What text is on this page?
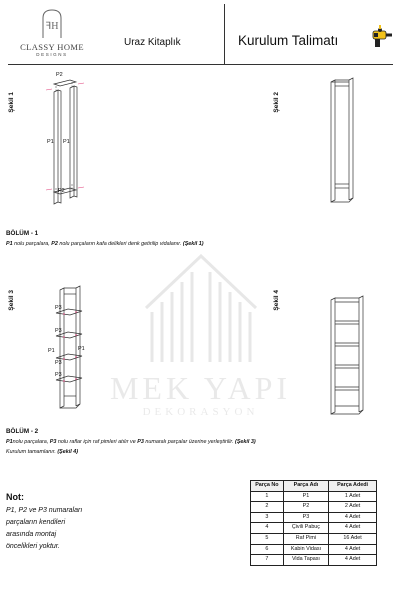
ꟻH
CLASSY HOME
DESIGNS
Uraz Kitaplık	Kurulum Talimatı
MEK YAPI
DEKORASYON
Şekil 1	Şekil 2
Şekil 3	Şekil 4
P2
P1 P1
P2
BÖLÜM - 1
P1 nolu parçalara, P2 nolu parçaların kafa delikleri denk getirilip vidalanır. (Şekil 1)
P3
P3
P1	P1
P3
P3
BÖLÜM - 2
P1nolu parçalara, P3 nolu raflar için raf pimleri atılır ve P3 numaralı parçalar üzerine yerleştirilir. (Şekil 3)
Kurulum tamamlanır. (Şekil 4)
Not:
P1, P2 ve P3 numaraları
parçaların kendileri
arasında montaj
öncelikleri yoktur.
Parça No	Parça Adı	Parça Adedi
1	P1	1 Adet
2	P2	2 Adet
3	P3	4 Adet
4	Çivili Pabuç	4 Adet
5	Raf Pimi	16 Adet
6	Kabin Vidası	4 Adet
7	Vida Tapası	4 Adet
